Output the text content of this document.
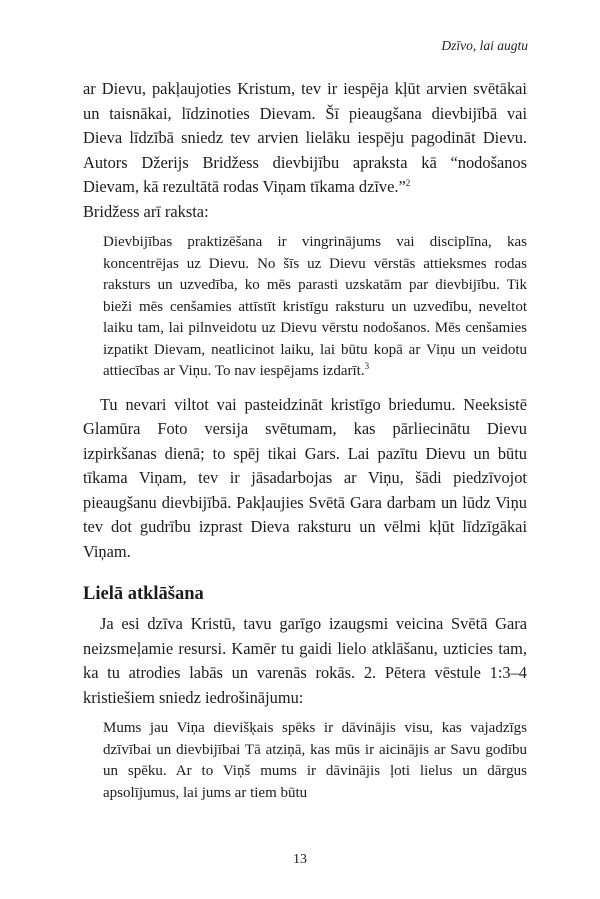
Dzīvo, lai augtu

ar Dievu, pakļaujoties Kristum, tev ir iespēja kļūt arvien svētākai un taisnākai, līdzinoties Dievam. Šī pieaugšana dievbijībā vai Dieva līdzībā sniedz tev arvien lielāku iespēju pagodināt Dievu. Autors Džerijs Bridžess dievbijību apraksta kā “nodošanos Dievam, kā rezultātā rodas Viņam tīkama dzīve.”$^2$

Bridžess arī raksta:

Dievbijības praktizēšana ir vingrinājums vai disciplīna, kas koncentrējas uz Dievu. No šīs uz Dievu vērstās attieksmes rodas raksturs un uzvedība, ko mēs parasti uzskatām par dievbijību. Tik bieži mēs cenšamies attīstīt kristīgu raksturu un uzvedību, neveltot laiku tam, lai pilnveidotu uz Dievu vērstu nodošanos. Mēs cenšamies izpatikt Dievam, neatlicinot laiku, lai būtu kopā ar Viņu un veidotu attiecības ar Viņu. To nav iespējams izdarīt.$^3$

Tu nevari viltot vai pasteidzināt kristīgo briedumu. Neeksistē Glamūra Foto versija svētumam, kas pārliecinātu Dievu izpirkšanas dienā; to spēj tikai Gars. Lai pazītu Dievu un būtu tīkama Viņam, tev ir jāsadarbojas ar Viņu, šādi piedzīvojot pieaugšanu dievbijībā. Pakļaujies Svētā Gara darbam un lūdz Viņu tev dot gudrību izprast Dieva raksturu un vēlmi kļūt līdzīgākai Viņam.

Lielā atklāšana

Ja esi dzīva Kristū, tavu garīgo izaugsmi veicina Svētā Gara neizsmeļamie resursi. Kamēr tu gaidi lielo atklāšanu, uzticies tam, ka tu atrodies labās un varenās rokās. 2. Pētera vēstule 1:3–4 kristiešiem sniedz iedrošinājumu:

Mums jau Viņa dievišķais spēks ir dāvinājis visu, kas vajadzīgs dzīvībai un dievbijībai Tā atziņā, kas mūs ir aicinājis ar Savu godību un spēku. Ar to Viņš mums ir dāvinājis ļoti lielus un dārgus apsolījumus, lai jums ar tiem būtu
13
